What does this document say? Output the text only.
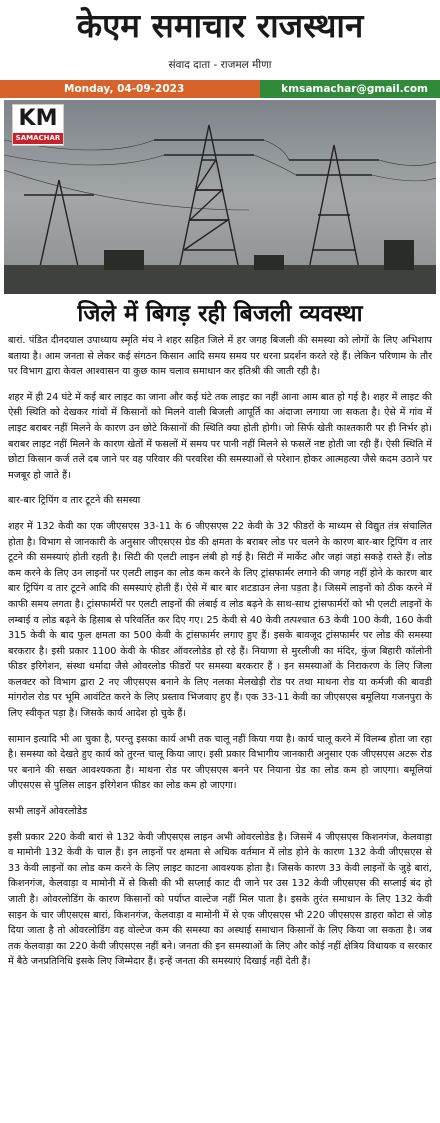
केएम समाचार राजस्थान
संवाद दाता - राजमल मीणा
Monday, 04-09-2023	kmsamachar@gmail.com
KM
SAMACHAR
जिले में बिगड़ रही बिजली व्यवस्था

बारां. पंडित दीनदयाल उपाध्याय स्मृति मंच ने शहर सहित जिले में हर जगह बिजली की समस्या को लोगों के लिए अभिशाप बताया है। आम जनता से लेकर कई संगठन किसान आदि समय समय पर धरना प्रदर्शन करते रहे हैं। लेकिन परिणाम के तौर पर विभाग द्वारा केवल आश्वासन या कुछ काम चलाव समाधान कर इतिश्री की जाती रही है।

शहर में ही 24 घंटे में कई बार लाइट का जाना और कई घंटे तक लाइट का नहीं आना आम बात हो गई है। शहर में लाइट की ऐसी स्थिति को देखकर गांवों में किसानों को मिलने वाली बिजली आपूर्ति का अंदाजा लगाया जा सकता है। ऐसे में गांव में लाइट बराबर नहीं मिलने के कारण उन छोटे किसानों की स्थिति क्या होती होगी। जो सिर्फ खेती काश्तकारी पर ही निर्भर हो। बराबर लाइट नहीं मिलने के कारण खेतों में फसलों में समय पर पानी नहीं मिलने से फसलें नष्ट होती जा रही हैं। ऐसी स्थिति में छोटा किसान कर्ज तले दब जाने पर वह परिवार की परवरिश की समस्याओं से परेशान होकर आत्महत्या जैसे कदम उठाने पर मजबूर हो जाते हैं।

बार-बार ट्रिपिंग व तार टूटने की समस्या

शहर में 132 केवी का एक जीएसएस 33-11 के 6 जीएसएस 22 केवी के 32 फीडरों के माध्यम से विद्युत तंत्र संचालित होता है। विभाग से जानकारी के अनुसार जीएसएस ग्रेड की क्षमता के बराबर लोड पर चलने के कारण बार-बार ट्रिपिंग व तार टूटने की समस्याएं होती रहती है। सिटी की एलटी लाइन लंबी हो गई है। सिटी में मार्केट और जहां जहां सकड़े रास्ते हैं। लोड कम करने के लिए उन लाइनों पर एलटी लाइन का लोड कम करने के लिए ट्रांसफार्मर लगाने की जगह नहीं होने के कारण बार बार ट्रिपिंग व तार टूटने आदि की समस्याएं होती हैं। ऐसे में बार बार शटडाउन लेना पड़ता है। जिसमें लाइनों को ठीक करने में काफी समय लगता है। ट्रांसफार्मरों पर एलटी लाइनों की लंबाई व लोड बढ़ने के साथ-साथ ट्रांसफार्मरों को भी एलटी लाइनों के लम्बाई व लोड बढ़ने के हिसाब से परिवर्तित कर दिए गए। 25 केवी से 40 केवी तत्पश्चात 63 केवी 100 केवी, 160 केवी 315 केवी के बाद फुल क्षमता का 500 केवी के ट्रांसफार्मर लगाए हुए हैं। इसके बावजूद ट्रांसफार्मर पर लोड की समस्या बरकरार है। इसी प्रकार 1100 केवी के फीडर ऑवरलोडेड हो रहे हैं। नियाणा से मुरलीजी का मंदिर, कुंज बिहारी कॉलोनी फीडर इरिगेशन, संस्था धर्मादा जैसे ओवरलोड फीडरों पर समस्या बरकरार हैं । इन समस्याओं के निराकरण के लिए जिला कलक्टर को विभाग द्वारा 2 नए जीएसएस बनाने के लिए नलका मेलखेड़ी रोड पर तथा माथना रोड या कर्मजी की बावडी मांगरोल रोड पर भूमि आवंटित करने के लिए प्रस्ताव भिजवाए हुए हैं। एक 33-11 केवी का जीएसएस बमूलिया गजनपुरा के लिए स्वीकृत पड़ा है। जिसके कार्य आदेश हो चुके हैं।

सामान इत्यादि भी आ चुका है, परन्तु इसका कार्य अभी तक चालू नहीं किया गया है। कार्य चालू करने में विलम्ब होता जा रहा है। समस्या को देखते हुए कार्य को तुरन्त चालू किया जाए। इसी प्रकार विभागीय जानकारी अनुसार एक जीएसएस अटरू रोड पर बनाने की सख्त आवश्यकता है। माथना रोड पर जीएसएस बनने पर नियाना ग्रेड का लोड कम हो जाएगा। बमूलियां जीएसएस से पुलिस लाइन इरिगेशन फीडर का लोड कम हो जाएगा।

सभी लाइनें ओवरलोडेड

इसी प्रकार 220 केवी बारां से 132 केवी जीएसएस लाइन अभी ओवरलोडेड है। जिसमें 4 जीएसएस किशनगंज, केलवाड़ा व मामोनी 132 केवी के चाल हैं। इन लाइनों पर क्षमता से अधिक वर्तमान में लोड होने के कारण 132 केवी जीएसएस से 33 केवी लाइनों का लोड कम करने के लिए लाइट काटना आवश्यक होता है। जिसके कारण 33 केवी लाइनों के जुड़े बारां, किशनगंज, केलवाड़ा व मामोनी में से किसी की भी सप्लाई काट दी जाने पर उस 132 केवी जीएसएस की सप्लाई बंद हो जाती है। ओवरलोडिंग के कारण किसानों को पर्याप्त वाल्टेज नहीं मिल पाता है। इसके तुरंत समाधान के लिए 132 केवी साइन के चार जीएसएस बारां, किशनगंज, केलवाड़ा व मामोनी में से एक जीएसएस भी 220 जीएसएस डाहरा कोटा से जोड़ दिया जाता है तो ओवरलोडिंग वह वोल्टेज कम की समस्या का अस्थाई समाधान किसानों के लिए किया जा सकता है। जब तक केलवाड़ा का 220 केवी जीएसएस नहीं बने। जनता की इन समस्याओं के लिए और कोई नहीं क्षेत्रिय विधायक व सरकार में बैठे जनप्रतिनिधि इसके लिए जिम्मेदार हैं। इन्हें जनता की समस्याएं दिखाई नहीं देती हैं।
